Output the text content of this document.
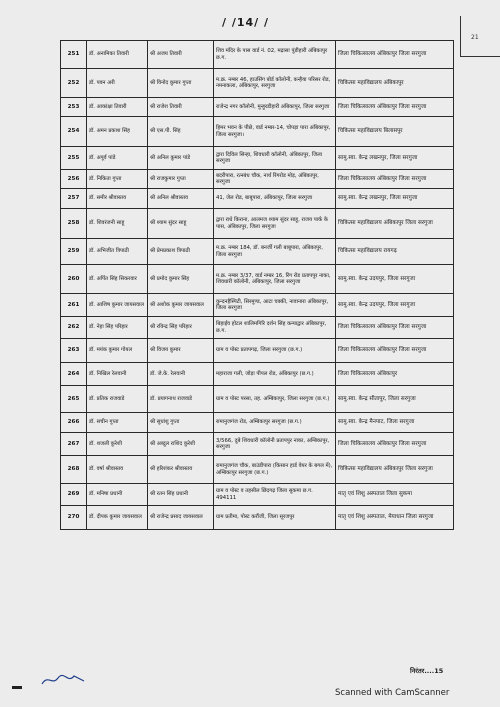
/ /14/ /
21
251	डॉ. अनामिका तिवारी	श्री अजय तिवारी	शिव मंदिर के पास वार्ड नं. 02, मद्रासा पुंडीहारी अंबिकापुर छ.ग.	जिला चिकित्सालय अंबिकापुर जिला सरगुजा
252	डॉ. पवन अरी	श्री विनोद कुमार गुप्ता	म.क्र. नम्बर 46, हाउसिंग बोर्ड कॉलोनी, कन्हैया परिसर रोड, नमनाकला, अंबिकापुर, सरगुजा	चिकित्सा महाविद्यालय अंबिकापुर
253	डॉ. आकांक्षा तिवारी	श्री राजेश तिवारी	राजेन्द्र नगर कॉलोनी, मुन्हुरडीहारी अंबिकापुर, जिला सरगुजा	जिला चिकित्सालय अंबिकापुर जिला सरगुजा
254	डॉ. अमन प्रकाश सिंह	श्री एस.पी. सिंह	हिमर भवन के पीछे, वार्ड नम्बर-14, चोपड़ा पारा अंबिकापुर, जिला सरगुजा।	चिकित्सा महाविद्यालय बिलासपुर
255	डॉ. अपूर्व पांडे	श्री अनिल कुमार पांडे	द्वारा दिविल सिन्हा, शिवधारी कॉलोनी, अंबिकापुर, जिला सरगुजा	सामु.स्वा. केन्द्र लखनपुर, जिला सरगुजा
256	डॉ. निकिता गुप्ता	श्री राजकुमार गुप्ता	बदरीपारा, रत्नबंध चौक, नार्थ रिंगरोड मोड़, अंबिकापुर, सरगुजा	जिला चिकित्सालय अंबिकापुर जिला सरगुजा
257	डॉ. समीर श्रीवास्तव	श्री अनिल श्रीवास्तव	41, जेल रोड, बाबूपारा, अंबिकापुर, जिला सरगुजा	सामु.स्वा. केन्द्र लखनपुर, जिला सरगुजा
258	डॉ. शिवरंजनी साहू	श्री श्याम सुंदर साहू	द्वारा राधे किराना, आलमज श्याम सुंदर साहू, राजय पार्क के पास, अंबिकापुर, जिला सरगुजा	चिकित्सा महाविद्यालय अंबिकापुर जिला सरगुजा
259	डॉ. अभिजीत त्रिपाठी	श्री प्रेमप्रकाश त्रिपाठी	म.क्र. नम्बर 184, डॉ. बनर्जी गली बाबूपारा, अंबिकापुर, जिला सरगुजा	चिकित्सा महाविद्यालय रायगढ़
260	डॉ. अर्पित सिंह सिकरवार	श्री प्रमोद कुमार सिंह	म.क्र. नम्बर 3/37, वार्ड नम्बर 16, रिंग रोड प्रतापपुर नाका, शिवधारी कॉलोनी, अंबिकापुर, जिला सरगुजा	सामु.स्वा. केन्द्र उदयपुर, जिला सरगुजा
261	डॉ. आशिष कुमार जायसवाल	श्री अशोक कुमार जायसवाल	कुन्दनहैस्पिटी, सिरमुण्ड, आटा चक्की, नावानारा अंबिकापुर, जिला सरगुजा	सामु.स्वा. केन्द्र उदयपुर, जिला सरगुजा
262	डॉ. नेहा सिंह परिहार	श्री रविन्द्र सिंह परिहार	बिहाईव होटल शालिमगिरि दर्शन सिंह कन्याद्वार अंबिकापुर, छ.ग.	जिला चिकित्सालय अंबिकापुर जिला सरगुजा
263	डॉ. मयंक कुमार गोयल	श्री विजय कुमार	ग्राम व पोस्ट प्रतापगढ़, जिला सरगुजा (छ.ग.)	जिला चिकित्सालय अंबिकापुर जिला सरगुजा
264	डॉ. निखिल रेलवानी	डॉ. जे.के. रेलवानी	महाराजा गली, जोड़ा पीपल रोड, अंबिकापुर (छ.ग.)	जिला चिकित्सालय अंबिकापुर
265	डॉ. प्रतिक राजवाडे	डॉ. प्रयागनाथ राजवाडे	ग्राम व पोस्ट परसा, तह. अम्बिकापुर, जिला सरगुजा (छ.ग.)	सामु.स्वा. केन्द्र सीतापुर, जिला सरगुजा
266	डॉ. सचीन गुप्ता	श्री सुधांशु गुप्ता	रामानुजगंज रोड, अम्बिकापुर सरगुजा (छ.ग.)	सामु.स्वा. केन्द्र मैनपाट, जिला सरगुजा
267	डॉ. शजली कुरेशी	श्री अब्दुल राशिद कुरेशी	3/566, दुबे शिवधारी कॉलोनी प्रतापपुर नाका, अम्बिकापुर, सरगुजा	जिला चिकित्सालय अंबिकापुर जिला सरगुजा
268	डॉ. वर्षा श्रीवास्तव	श्री हरिशंकर श्रीवास्तव	रामानुजगंज चौक, बाउंडीपारा (किसान हार्ड वेयर के बगल में), अम्बिकापुर सरगुजा (छ.ग.)	चिकित्सा महाविद्यालय अंबिकापुर जिला सरगुजा
269	डॉ. मनिषा प्रधानी	श्री रतन सिंह प्रधानी	ग्राम व पोस्ट व तहसील छिंदगढ़ जिला सुकमा छ.ग. 494111	मातृ एवं शिशु अस्पताल जिला सुकमा
270	डॉ. दीपक कुमार जायसवाल	श्री राजेन्द्र प्रसाद जायसवाल	ग्राम प्रतीमा, पोस्ट करौंजी, जिला सूरजपुर	मातृ एवं शिशु अस्पताल, मेयाधान जिला सरगुजा
निरंतर....15
Scanned with CamScanner
